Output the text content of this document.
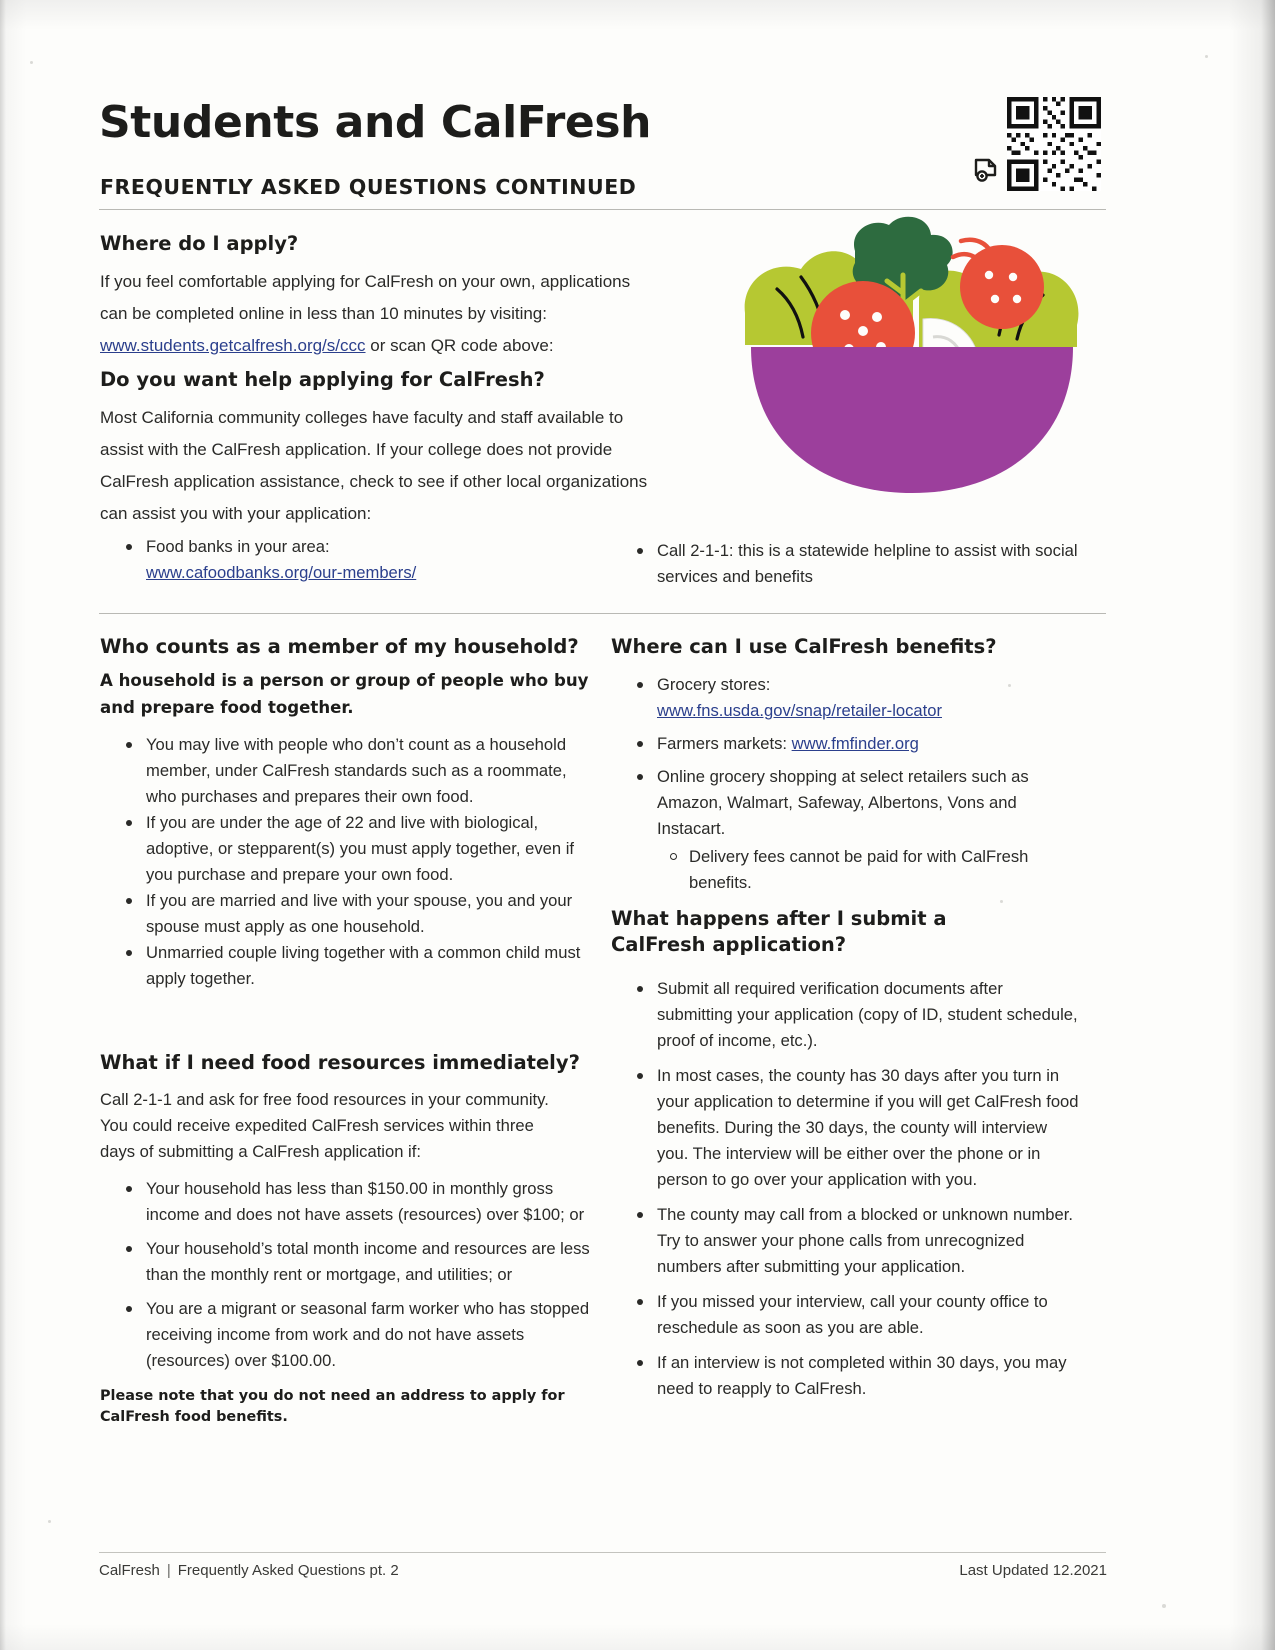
Students and CalFresh
FREQUENTLY ASKED QUESTIONS CONTINUED
Where do I apply?

If you feel comfortable applying for CalFresh on your own, applications

can be completed online in less than 10 minutes by visiting:

www.students.getcalfresh.org/s/ccc or scan QR code above:

Do you want help applying for CalFresh?

Most California community colleges have faculty and staff available to

assist with the CalFresh application. If your college does not provide

CalFresh application assistance, check to see if other local organizations

can assist you with your application:

Food banks in your area:
www.cafoodbanks.org/our-members/
Call 2-1-1: this is a statewide helpline to assist with social services and benefits
Who counts as a member of my household?

A household is a person or group of people who buy and prepare food together.

You may live with people who don’t count as a household member, under CalFresh standards such as a roommate, who purchases and prepares their own food.
If you are under the age of 22 and live with biological, adoptive, or stepparent(s) you must apply together, even if you purchase and prepare your own food.
If you are married and live with your spouse, you and your spouse must apply as one household.
Unmarried couple living together with a common child must apply together.
What if I need food resources immediately?

Call 2-1-1 and ask for free food resources in your community.

You could receive expedited CalFresh services within three

days of submitting a CalFresh application if:

Your household has less than $150.00 in monthly gross income and does not have assets (resources) over $100; or
Your household’s total month income and resources are less than the monthly rent or mortgage, and utilities; or
You are a migrant or seasonal farm worker who has stopped receiving income from work and do not have assets (resources) over $100.00.

Please note that you do not need an address to apply for CalFresh food benefits.

Where can I use CalFresh benefits?
Grocery stores:
www.fns.usda.gov/snap/retailer-locator
Farmers markets: www.fmfinder.org
Online grocery shopping at select retailers such as Amazon, Walmart, Safeway, Albertons, Vons and Instacart.
Delivery fees cannot be paid for with CalFresh benefits.
What happens after I submit a
CalFresh application?
Submit all required verification documents after submitting your application (copy of ID, student schedule, proof of income, etc.).
In most cases, the county has 30 days after you turn in your application to determine if you will get CalFresh food benefits. During the 30 days, the county will interview you. The interview will be either over the phone or in person to go over your application with you.
The county may call from a blocked or unknown number. Try to answer your phone calls from unrecognized numbers after submitting your application.
If you missed your interview, call your county office to reschedule as soon as you are able.
If an interview is not completed within 30 days, you may need to reapply to CalFresh.
CalFresh | Frequently Asked Questions pt. 2	Last Updated 12.2021
